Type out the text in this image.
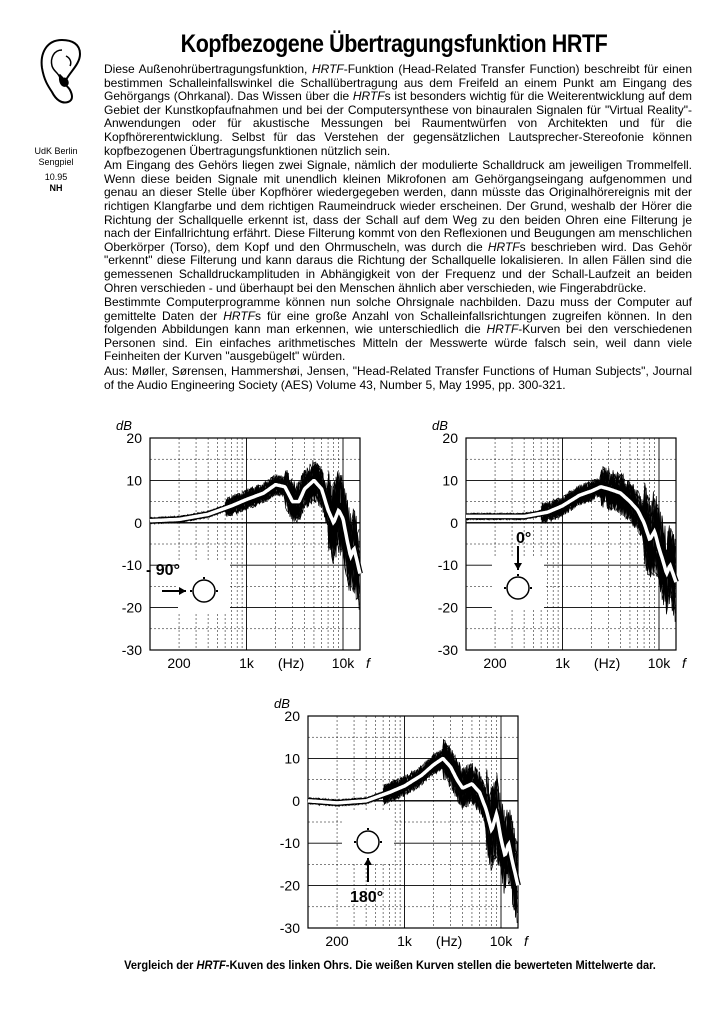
UdK Berlin
Sengpiel
10.95
NH
Kopfbezogene Übertragungsfunktion HRTF

Diese Außenohrübertragungsfunktion, HRTF-Funktion (Head-Related Transfer Function) beschreibt für einen bestimmen Schalleinfallswinkel die Schallübertragung aus dem Freifeld an einem Punkt am Eingang des Gehörgangs (Ohrkanal). Das Wissen über die HRTFs ist besonders wichtig für die Weiterentwicklung auf dem Gebiet der Kunstkopfaufnahmen und bei der Computersynthese von binauralen Signalen für "Virtual Reality"-Anwendungen oder für akustische Messungen bei Raumentwürfen von Architekten und für die Kopfhörerentwicklung. Selbst für das Verstehen der gegensätzlichen Lautsprecher-Stereofonie können kopfbezogenen Übertragungsfunktionen nützlich sein.

Am Eingang des Gehörs liegen zwei Signale, nämlich der modulierte Schalldruck am jeweiligen Trommelfell. Wenn diese beiden Signale mit unendlich kleinen Mikrofonen am Gehörgangseingang aufgenommen und genau an dieser Stelle über Kopfhörer wiedergegeben werden, dann müsste das Originalhörereignis mit der richtigen Klangfarbe und dem richtigen Raumeindruck wieder erscheinen. Der Grund, weshalb der Hörer die Richtung der Schallquelle erkennt ist, dass der Schall auf dem Weg zu den beiden Ohren eine Filterung je nach der Einfallrichtung erfährt. Diese Filterung kommt von den Reflexionen und Beugungen am menschlichen Oberkörper (Torso), dem Kopf und den Ohrmuscheln, was durch die HRTFs beschrieben wird. Das Gehör "erkennt" diese Filterung und kann daraus die Richtung der Schallquelle lokalisieren. In allen Fällen sind die gemessenen Schalldruckamplituden in Abhängigkeit von der Frequenz und der Schall-Laufzeit an beiden Ohren verschieden - und überhaupt bei den Menschen ähnlich aber verschieden, wie Fingerabdrücke.

Bestimmte Computerprogramme können nun solche Ohrsignale nachbilden. Dazu muss der Computer auf gemittelte Daten der HRTFs für eine große Anzahl von Schalleinfallsrichtungen zugreifen können. In den folgenden Abbildungen kann man erkennen, wie unterschiedlich die HRTF-Kurven bei den verschiedenen Personen sind. Ein einfaches arithmetisches Mitteln der Messwerte würde falsch sein, weil dann viele Feinheiten der Kurven "ausgebügelt" würden.

Aus: Møller, Sørensen, Hammershøi, Jensen, "Head-Related Transfer Functions of Human Subjects", Journal of the Audio Engineering Society (AES) Volume 43, Number 5, May 1995, pp. 300-321.

20
10
0
-10
-20
-30
dB
200	1k	10k
(Hz)	f
- 90°
20
10
0
-10
-20
-30
dB
200	1k	10k
(Hz)	f
0°
20
10
0
-10
-20
-30
dB
200	1k	10k
(Hz)	f
180°
Vergleich der HRTF-Kuven des linken Ohrs. Die weißen Kurven stellen die bewerteten Mittelwerte dar.
